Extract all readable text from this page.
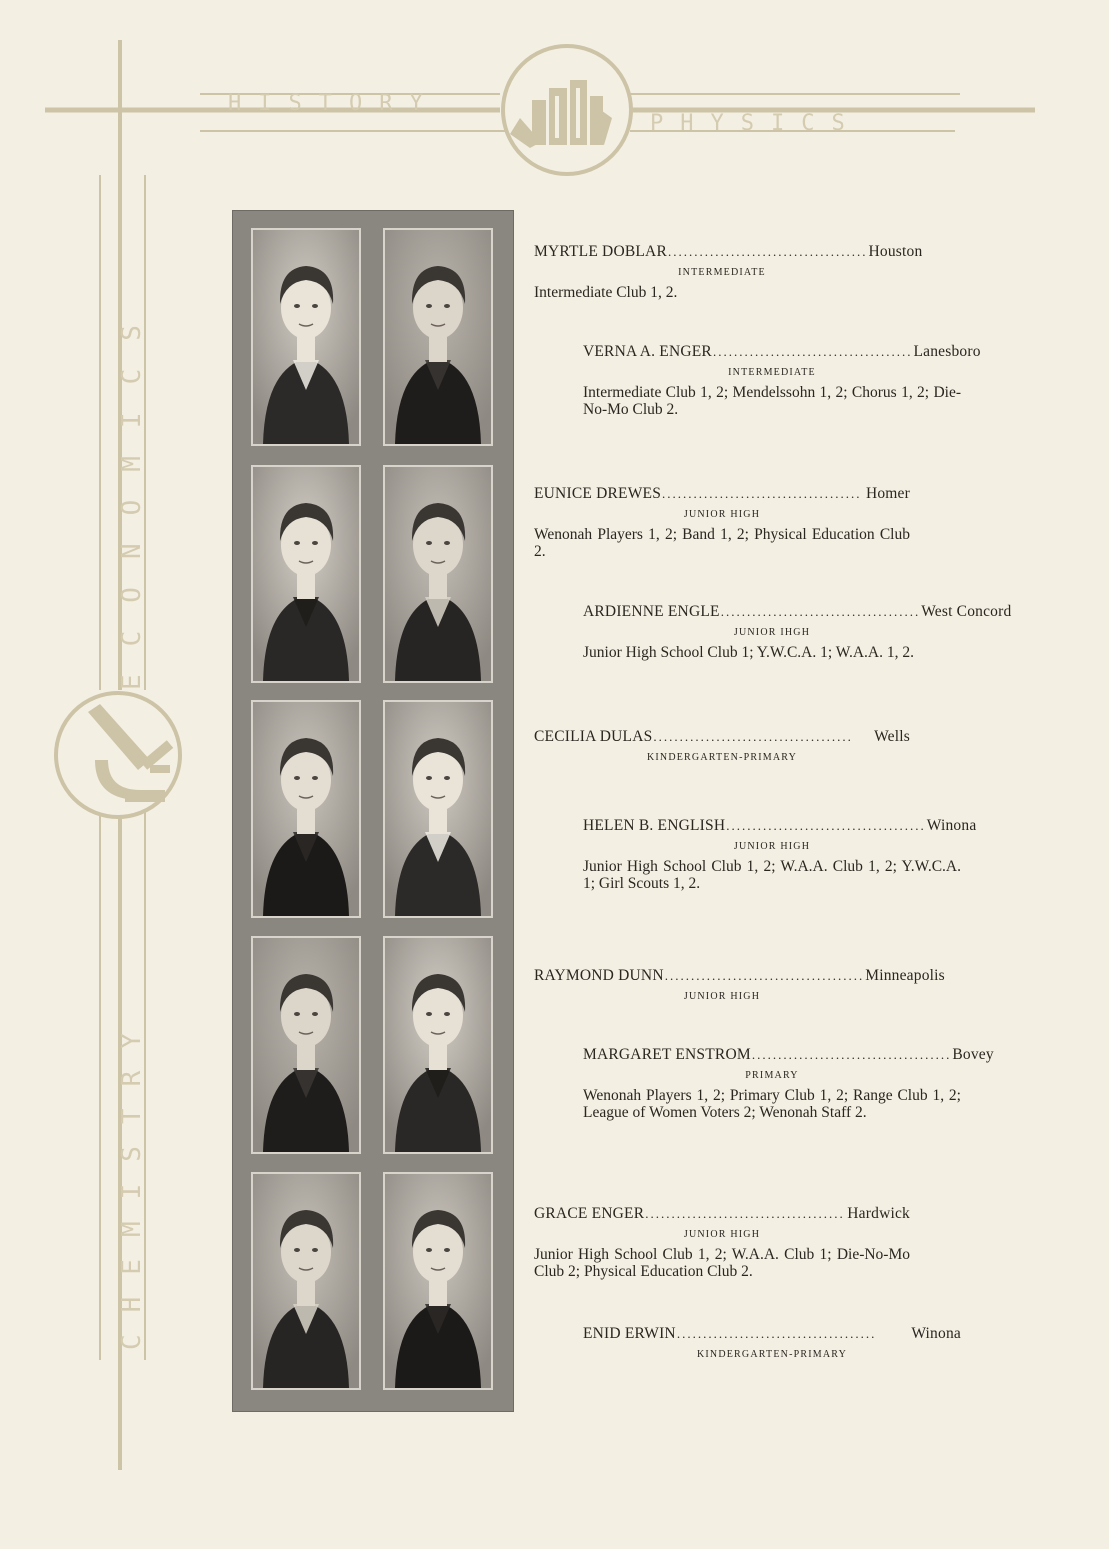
HISTORY
PHYSICS
ECONOMICS
CHEMISTRY
MYRTLE DOBLAR ...................................... Houston
INTERMEDIATE
Intermediate Club 1, 2.
VERNA A. ENGER ...................................... Lanesboro
INTERMEDIATE
Intermediate Club 1, 2; Mendelssohn 1, 2; Chorus 1, 2; Die-No-Mo Club 2.
EUNICE DREWES ...................................... Homer
JUNIOR HIGH
Wenonah Players 1, 2; Band 1, 2; Physical Education Club 2.
ARDIENNE ENGLE ...................................... West Concord
JUNIOR IHGH
Junior High School Club 1; Y.W.C.A. 1; W.A.A. 1, 2.
CECILIA DULAS ......................................	Wells
KINDERGARTEN-PRIMARY
HELEN B. ENGLISH ...................................... Winona
JUNIOR HIGH
Junior High School Club 1, 2; W.A.A. Club 1, 2; Y.W.C.A. 1; Girl Scouts 1, 2.
RAYMOND DUNN ...................................... Minneapolis
JUNIOR HIGH
MARGARET ENSTROM ...................................... Bovey
PRIMARY
Wenonah Players 1, 2; Primary Club 1, 2; Range Club 1, 2; League of Women Voters 2; Wenonah Staff 2.
GRACE ENGER ...................................... Hardwick
JUNIOR HIGH
Junior High School Club 1, 2; W.A.A. Club 1; Die-No-Mo Club 2; Physical Education Club 2.
ENID ERWIN ......................................	Winona
KINDERGARTEN-PRIMARY
